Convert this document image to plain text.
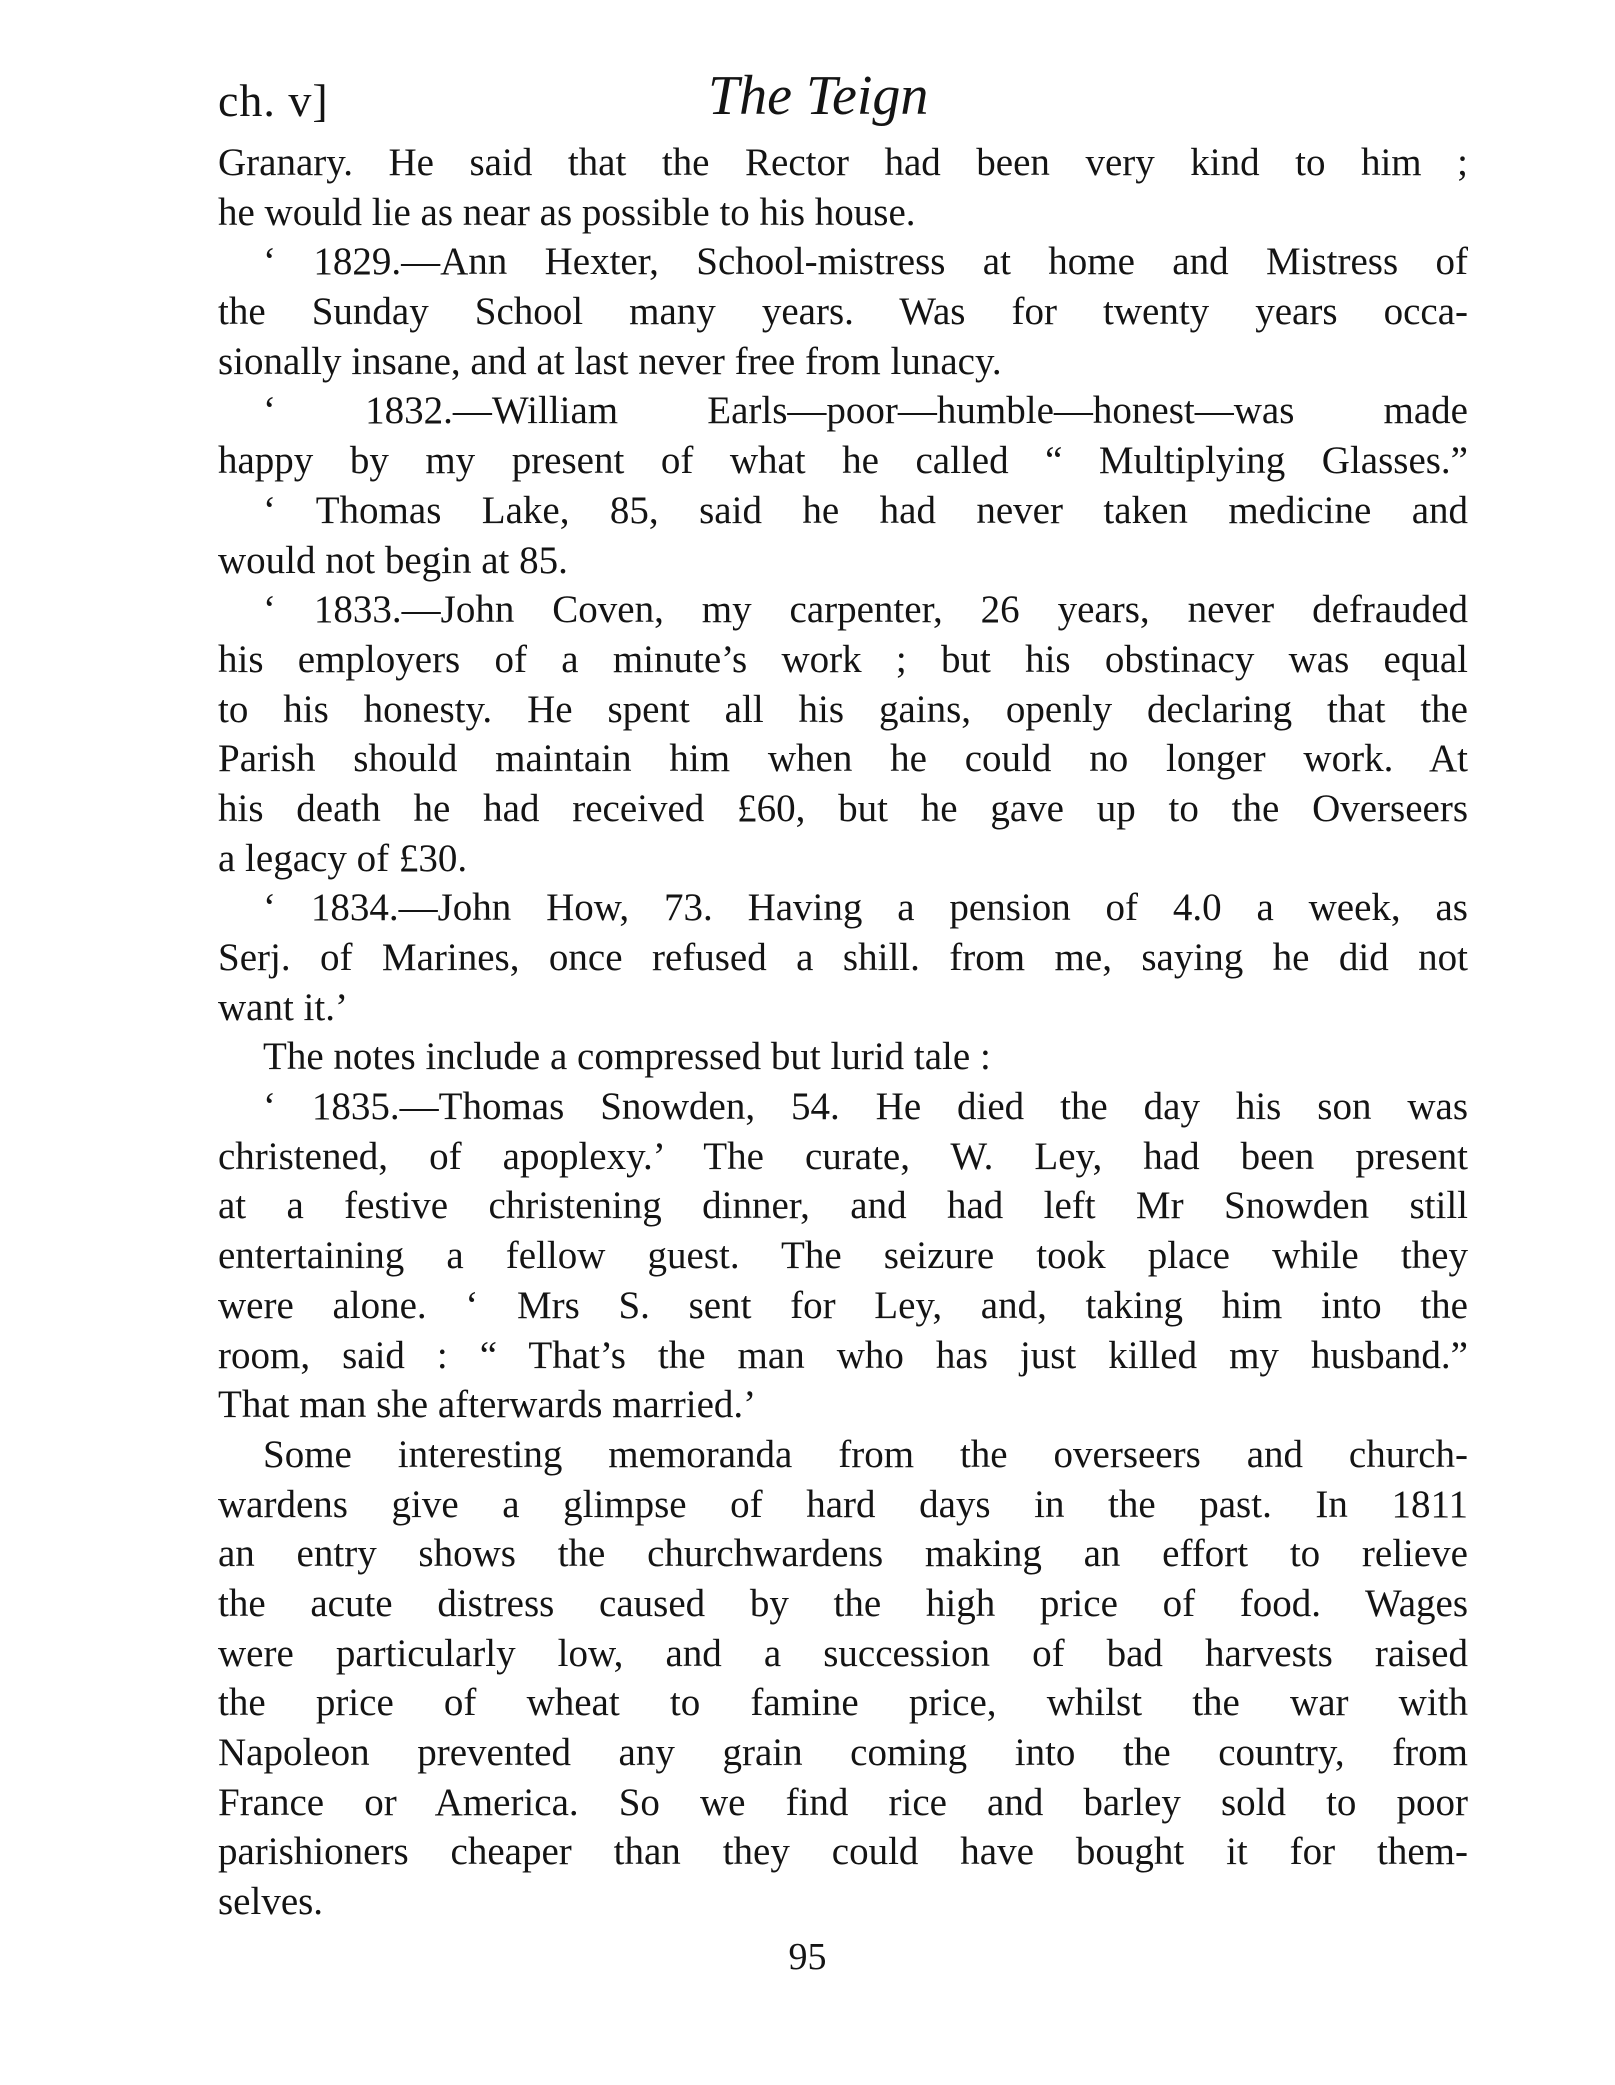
ch. v]	The Teign
Granary. He said that the Rector had been very kind to him ;
he would lie as near as possible to his house.
‘ 1829.—Ann Hexter, School-mistress at home and Mistress of
the Sunday School many years. Was for twenty years occa-
sionally insane, and at last never free from lunacy.
‘ 1832.—William Earls—poor—humble—honest—was made
happy by my present of what he called “ Multiplying Glasses.”
‘ Thomas Lake, 85, said he had never taken medicine and
would not begin at 85.
‘ 1833.—John Coven, my carpenter, 26 years, never defrauded
his employers of a minute’s work ; but his obstinacy was equal
to his honesty. He spent all his gains, openly declaring that the
Parish should maintain him when he could no longer work. At
his death he had received £60, but he gave up to the Overseers
a legacy of £30.
‘ 1834.—John How, 73. Having a pension of 4.0 a week, as
Serj. of Marines, once refused a shill. from me, saying he did not
want it.’
The notes include a compressed but lurid tale :
‘ 1835.—Thomas Snowden, 54. He died the day his son was
christened, of apoplexy.’ The curate, W. Ley, had been present
at a festive christening dinner, and had left Mr Snowden still
entertaining a fellow guest. The seizure took place while they
were alone. ‘ Mrs S. sent for Ley, and, taking him into the
room, said : “ That’s the man who has just killed my husband.”
That man she afterwards married.’
Some interesting memoranda from the overseers and church-
wardens give a glimpse of hard days in the past. In 1811
an entry shows the churchwardens making an effort to relieve
the acute distress caused by the high price of food. Wages
were particularly low, and a succession of bad harvests raised
the price of wheat to famine price, whilst the war with
Napoleon prevented any grain coming into the country, from
France or America. So we find rice and barley sold to poor
parishioners cheaper than they could have bought it for them-
selves.
95
